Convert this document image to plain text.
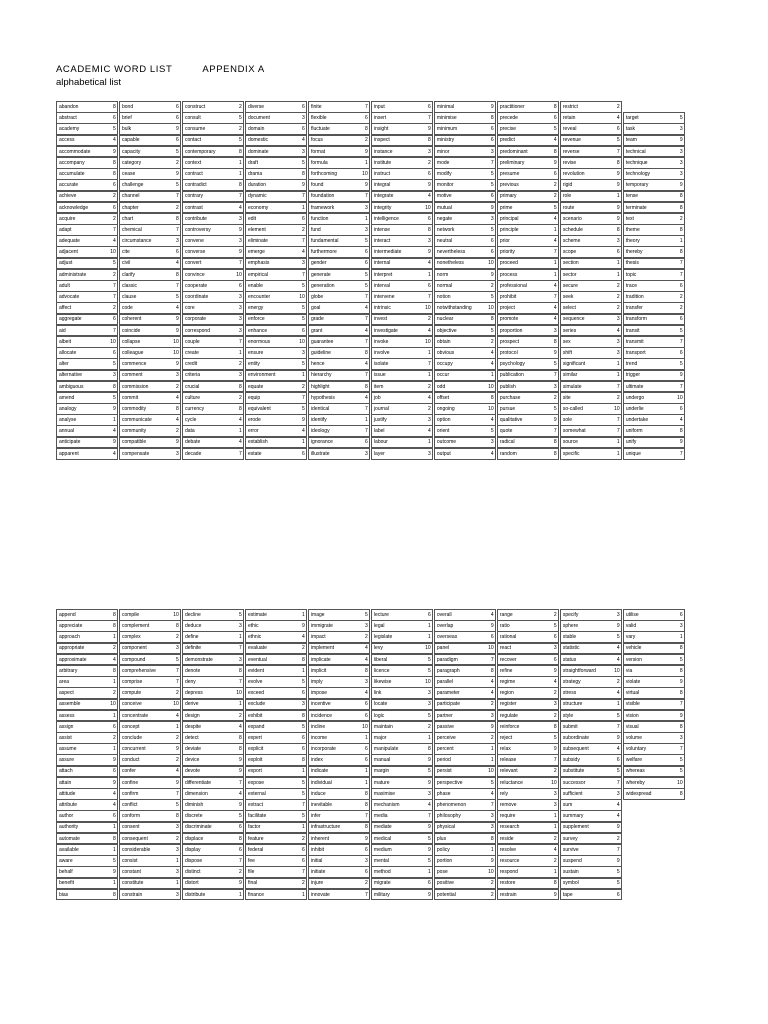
ACADEMIC WORD LIST	APPENDIX A
alphabetical list
abandon	8
abstract	6
academy	5
access	4
accommodate	9
accompany	8
accumulate	8
accurate	6
achieve	2
acknowledge	6
acquire	2
adapt	7
adequate	4
adjacent	10
adjust	5
administrate	2
adult	7
advocate	7
affect	2
aggregate	6
aid	7
albeit	10
allocate	6
alter	5
alternative	3
ambiguous	8
amend	5
analogy	9
analyse	1
annual	4
anticipate	9
apparent	4
bond	6
brief	6
bulk	9
capable	6
capacity	5
category	2
cease	9
challenge	5
channel	7
chapter	2
chart	8
chemical	7
circumstance	3
cite	6
civil	4
clarify	8
classic	7
clause	5
code	4
coherent	9
coincide	9
collapse	10
colleague	10
commence	9
comment	3
commission	2
commit	4
commodity	8
communicate	4
community	2
compatible	9
compensate	3
construct	2
consult	5
consume	2
contact	5
contemporary	8
context	1
contract	1
contradict	8
contrary	7
contrast	4
contribute	3
controversy	9
convene	3
converse	9
convert	7
convince	10
cooperate	6
coordinate	3
core	3
corporate	3
correspond	3
couple	7
create	1
credit	2
criteria	3
crucial	8
culture	2
currency	8
cycle	4
data	1
debate	4
decade	7
diverse	6
document	3
domain	6
domestic	4
dominate	3
draft	5
drama	8
duration	9
dynamic	7
economy	1
edit	6
element	2
eliminate	7
emerge	4
emphasis	3
empirical	7
enable	5
encounter	10
energy	5
enforce	5
enhance	6
enormous	10
ensure	3
entity	5
environment	1
equate	2
equip	7
equivalent	5
erode	9
error	4
establish	1
estate	6
finite	7
flexible	6
fluctuate	8
focus	2
format	9
formula	1
forthcoming	10
found	9
foundation	7
framework	3
function	1
fund	3
fundamental	5
furthermore	6
gender	6
generate	5
generation	5
globe	7
goal	4
grade	7
grant	4
guarantee	7
guideline	8
hence	4
hierarchy	7
highlight	8
hypothesis	4
identical	7
identify	1
ideology	7
ignorance	6
illustrate	3
input	6
insert	7
insight	9
inspect	8
instance	3
institute	2
instruct	6
integral	9
integrate	4
integrity	10
intelligence	6
intense	8
interact	3
intermediate	9
internal	4
interpret	1
interval	6
intervene	7
intrinsic	10
invest	2
investigate	4
invoke	10
involve	1
isolate	7
issue	1
item	2
job	4
journal	2
justify	3
label	4
labour	1
layer	3
minimal	9
minimise	8
minimum	6
ministry	6
minor	3
mode	7
modify	5
monitor	5
motive	6
mutual	9
negate	3
network	5
neutral	6
nevertheless	6
nonetheless	10
norm	9
normal	2
notion	5
notwithstanding	10
nuclear	8
objective	5
obtain	2
obvious	4
occupy	4
occur	1
odd	10
offset	8
ongoing	10
option	4
orient	5
outcome	3
output	4
practitioner	8
precede	6
precise	5
predict	4
predominant	8
preliminary	9
presume	6
previous	2
primary	2
prime	5
principal	4
principle	1
prior	4
priority	7
proceed	1
process	1
professional	4
prohibit	7
project	4
promote	4
proportion	3
prospect	8
protocol	9
psychology	5
publication	7
publish	3
purchase	2
pursue	5
qualitative	9
quote	7
radical	8
random	8
restrict	2
retain	4
reveal	6
revenue	5
reverse	7
revise	8
revolution	9
rigid	9
role	1
route	9
scenario	9
schedule	8
scheme	3
scope	6
section	1
sector	1
secure	2
seek	2
select	2
sequence	3
series	4
sex	3
shift	3
significant	1
similar	1
simulate	7
site	2
so-called	10
sole	7
somewhat	7
source	1
specific	1
target	5
task	3
team	9
technical	3
technique	3
technology	3
temporary	9
tense	8
terminate	8
text	2
theme	8
theory	1
thereby	8
thesis	7
topic	7
trace	6
tradition	2
transfer	2
transform	6
transit	5
transmit	7
transport	6
trend	5
trigger	9
ultimate	7
undergo	10
underlie	6
undertake	4
uniform	8
unify	9
unique	7
append	8
appreciate	8
approach	1
appropriate	2
approximate	4
arbitrary	8
area	1
aspect	2
assemble	10
assess	1
assign	6
assist	2
assume	1
assure	9
attach	6
attain	9
attitude	4
attribute	4
author	6
authority	1
automate	8
available	1
aware	5
behalf	9
benefit	1
bias	8
compile	10
complement	8
complex	2
component	3
compound	5
comprehensive	7
comprise	7
compute	2
conceive	10
concentrate	4
concept	1
conclude	2
concurrent	9
conduct	2
confer	4
confine	9
confirm	7
conflict	5
conform	8
consent	3
consequent	2
considerable	3
consist	1
constant	3
constitute	1
constrain	3
decline	5
deduce	3
define	1
definite	7
demonstrate	3
denote	8
deny	7
depress	10
derive	1
design	2
despite	4
detect	8
deviate	8
device	9
devote	9
differentiate	7
dimension	4
diminish	9
discrete	5
discriminate	6
displace	8
display	6
dispose	7
distinct	2
distort	9
distribute	1
estimate	1
ethic	9
ethnic	4
evaluate	2
eventual	8
evident	1
evolve	5
exceed	6
exclude	3
exhibit	8
expand	5
expert	6
explicit	6
exploit	8
export	1
expose	5
external	5
extract	7
facilitate	5
factor	1
feature	2
federal	6
fee	6
file	7
final	2
finance	1
image	5
immigrate	3
impact	2
implement	4
implicate	4
implicit	8
imply	3
impose	4
incentive	6
incidence	6
incline	10
income	1
incorporate	6
index	6
indicate	1
individual	1
induce	8
inevitable	8
infer	7
infrastructure	8
inherent	9
inhibit	6
initial	3
initiate	6
injure	2
innovate	7
lecture	6
legal	1
legislate	1
levy	10
liberal	5
licence	5
likewise	10
link	3
locate	3
logic	5
maintain	2
major	1
manipulate	8
manual	9
margin	5
mature	9
maximise	3
mechanism	4
media	7
mediate	9
medical	5
medium	9
mental	5
method	1
migrate	6
military	9
overall	4
overlap	9
overseas	6
panel	10
paradigm	7
paragraph	8
parallel	4
parameter	4
participate	2
partner	3
passive	9
perceive	2
percent	1
period	1
persist	10
perspective	5
phase	4
phenomenon	7
philosophy	3
physical	3
plus	8
policy	1
portion	9
pose	10
positive	2
potential	2
range	2
ratio	5
rational	6
react	3
recover	6
refine	9
regime	4
region	2
register	3
regulate	2
reinforce	8
reject	5
relax	9
release	7
relevant	2
reluctance	10
rely	3
remove	3
require	1
research	1
reside	2
resolve	4
resource	2
respond	1
restore	8
restrain	9
specify	3
sphere	9
stable	5
statistic	4
status	4
straightforward	10
strategy	2
stress	4
structure	1
style	5
submit	7
subordinate	9
subsequent	4
subsidy	6
substitute	5
successor	7
sufficient	3
sum	4
summary	4
supplement	9
survey	2
survive	7
suspend	9
sustain	5
symbol	5
tape	6
utilise	6
valid	3
vary	1
vehicle	8
version	5
via	8
violate	9
virtual	8
visible	7
vision	9
visual	8
volume	3
voluntary	7
welfare	5
whereas	5
whereby	10
widespread	8
